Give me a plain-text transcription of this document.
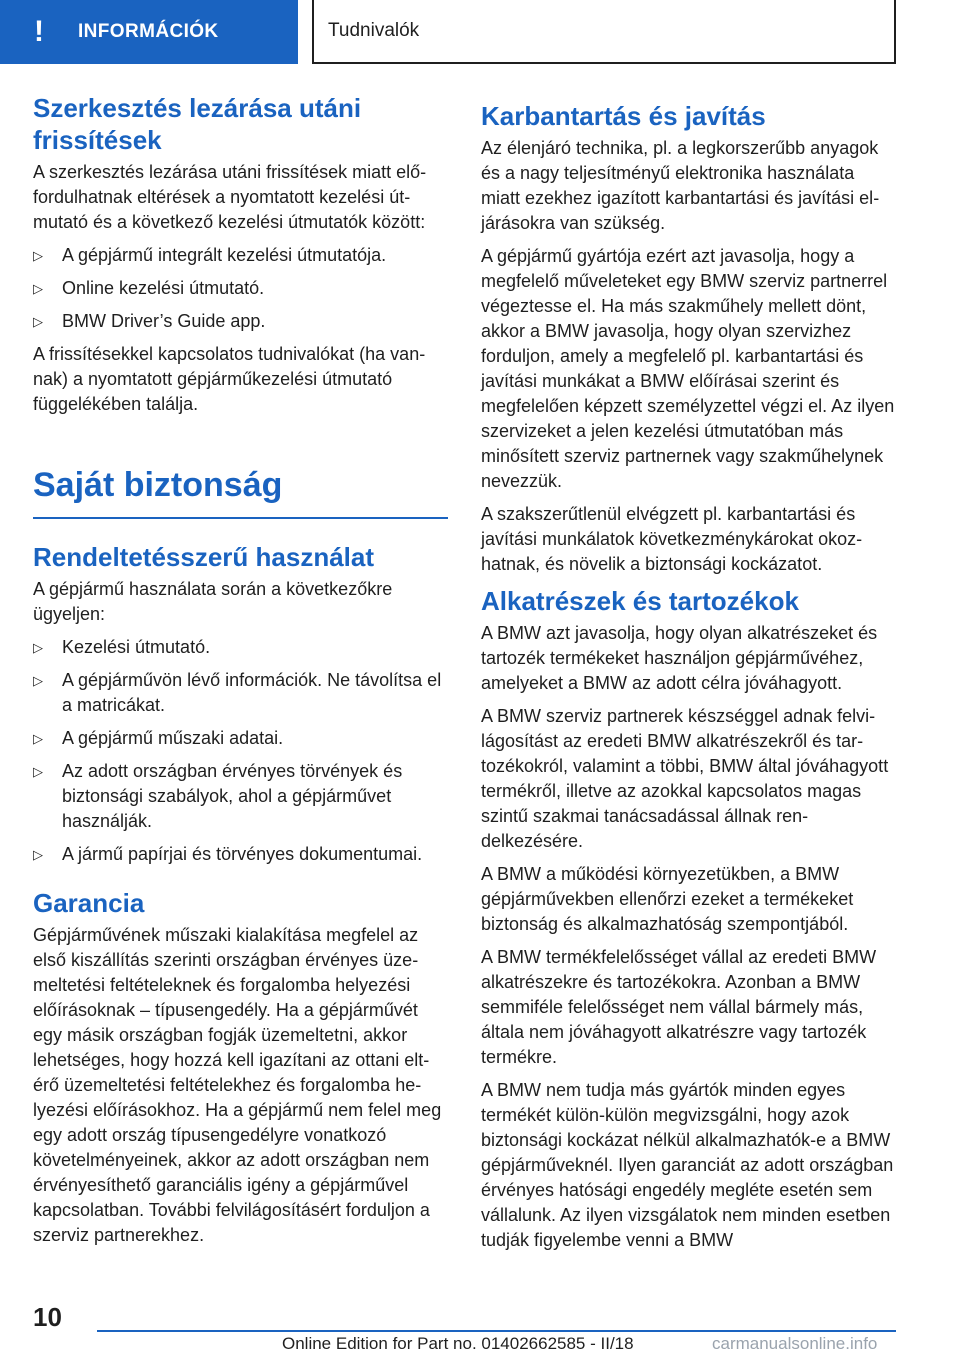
!	INFORMÁCIÓK	Tudnivalók
Szerkesztés lezárása utáni frissítések

A szerkesztés lezárása utáni frissítések miatt előfordulhatnak eltérések a nyomtatott kezelési útmutató és a következő kezelési útmutatók között:

▷ A gépjármű integrált kezelési útmutatója.
▷ Online kezelési útmutató.
▷ BMW Driver’s Guide app.

A frissítésekkel kapcsolatos tudnivalókat (ha vannak) a nyomtatott gépjárműkezelési útmutató függelékében találja.

Saját biztonság
Rendeltetésszerű használat

A gépjármű használata során a következőkre ügyeljen:

▷ Kezelési útmutató.
▷ A gépjárművön lévő információk. Ne távolítsa el a matricákat.
▷ A gépjármű műszaki adatai.
▷ Az adott országban érvényes törvények és biztonsági szabályok, ahol a gépjárművet használják.
▷ A jármű papírjai és törvényes dokumentumai.
Garancia

Gépjárművének műszaki kialakítása megfelel az első kiszállítás szerinti országban érvényes üzemeltetési feltételeknek és forgalomba helyezési előírásoknak – típusengedély. Ha a gépjárművét egy másik országban fogják üzemeltetni, akkor lehetséges, hogy hozzá kell igazítani az ottani eltérő üzemeltetési feltételekhez és forgalomba helyezési előírásokhoz. Ha a gépjármű nem felel meg egy adott ország típusengedélyre vonatkozó követelményeinek, akkor az adott országban nem érvényesíthető garanciális igény a gépjárművel kapcsolatban. További felvilágosításért forduljon a szerviz partnerekhez.

Karbantartás és javítás

Az élenjáró technika, pl. a legkorszerűbb anyagok és a nagy teljesítményű elektronika használata miatt ezekhez igazított karbantartási és javítási eljárásokra van szükség.

A gépjármű gyártója ezért azt javasolja, hogy a megfelelő műveleteket egy BMW szerviz partnerrel végeztesse el. Ha más szakműhely mellett dönt, akkor a BMW javasolja, hogy olyan szervizhez forduljon, amely a megfelelő pl. karbantartási és javítási munkákat a BMW előírásai szerint és megfelelően képzett személyzettel végzi el. Az ilyen szervizeket a jelen kezelési útmutatóban más minősített szerviz partnernek vagy szakműhelynek nevezzük.

A szakszerűtlenül elvégzett pl. karbantartási és javítási munkálatok következménykárokat okozhatnak, és növelik a biztonsági kockázatot.

Alkatrészek és tartozékok

A BMW azt javasolja, hogy olyan alkatrészeket és tartozék termékeket használjon gépjárművéhez, amelyeket a BMW az adott célra jóváhagyott.

A BMW szerviz partnerek készséggel adnak felvilágosítást az eredeti BMW alkatrészekről és tartozékokról, valamint a többi, BMW által jóváhagyott termékről, illetve az azokkal kapcsolatos magas szintű szakmai tanácsadással állnak rendelkezésére.

A BMW a működési környezetükben, a BMW gépjárművekben ellenőrzi ezeket a termékeket biztonság és alkalmazhatóság szempontjából.

A BMW termékfelelősséget vállal az eredeti BMW alkatrészekre és tartozékokra. Azonban a BMW semmiféle felelősséget nem vállal bármely más, általa nem jóváhagyott alkatrészre vagy tartozék termékre.

A BMW nem tudja más gyártók minden egyes termékét külön-külön megvizsgálni, hogy azok biztonsági kockázat nélkül alkalmazhatók-e a BMW gépjárműveknél. Ilyen garanciát az adott országban érvényes hatósági engedély megléte esetén sem vállalunk. Az ilyen vizsgálatok nem minden esetben tudják figyelembe venni a BMW

10
Online Edition for Part no. 01402662585 - II/18	carmanualsonline.info
